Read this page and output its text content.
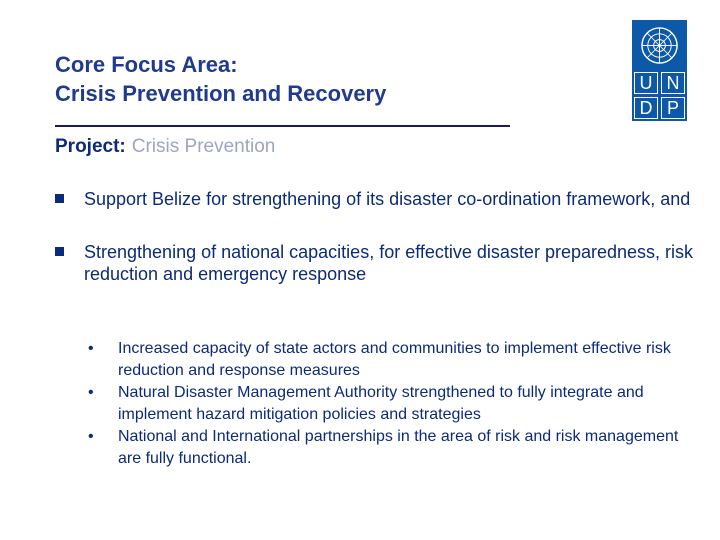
Core Focus Area:
Crisis Prevention and Recovery	U N
D P
Project: Crisis Prevention
Support Belize for strengthening of its disaster co-ordination framework, and
Strengthening of national capacities, for effective disaster preparedness, risk reduction and emergency response
• Increased capacity of state actors and communities to implement effective risk reduction and response measures
• Natural Disaster Management Authority strengthened to fully integrate and implement hazard mitigation policies and strategies
• National and International partnerships in the area of risk and risk management are fully functional.
